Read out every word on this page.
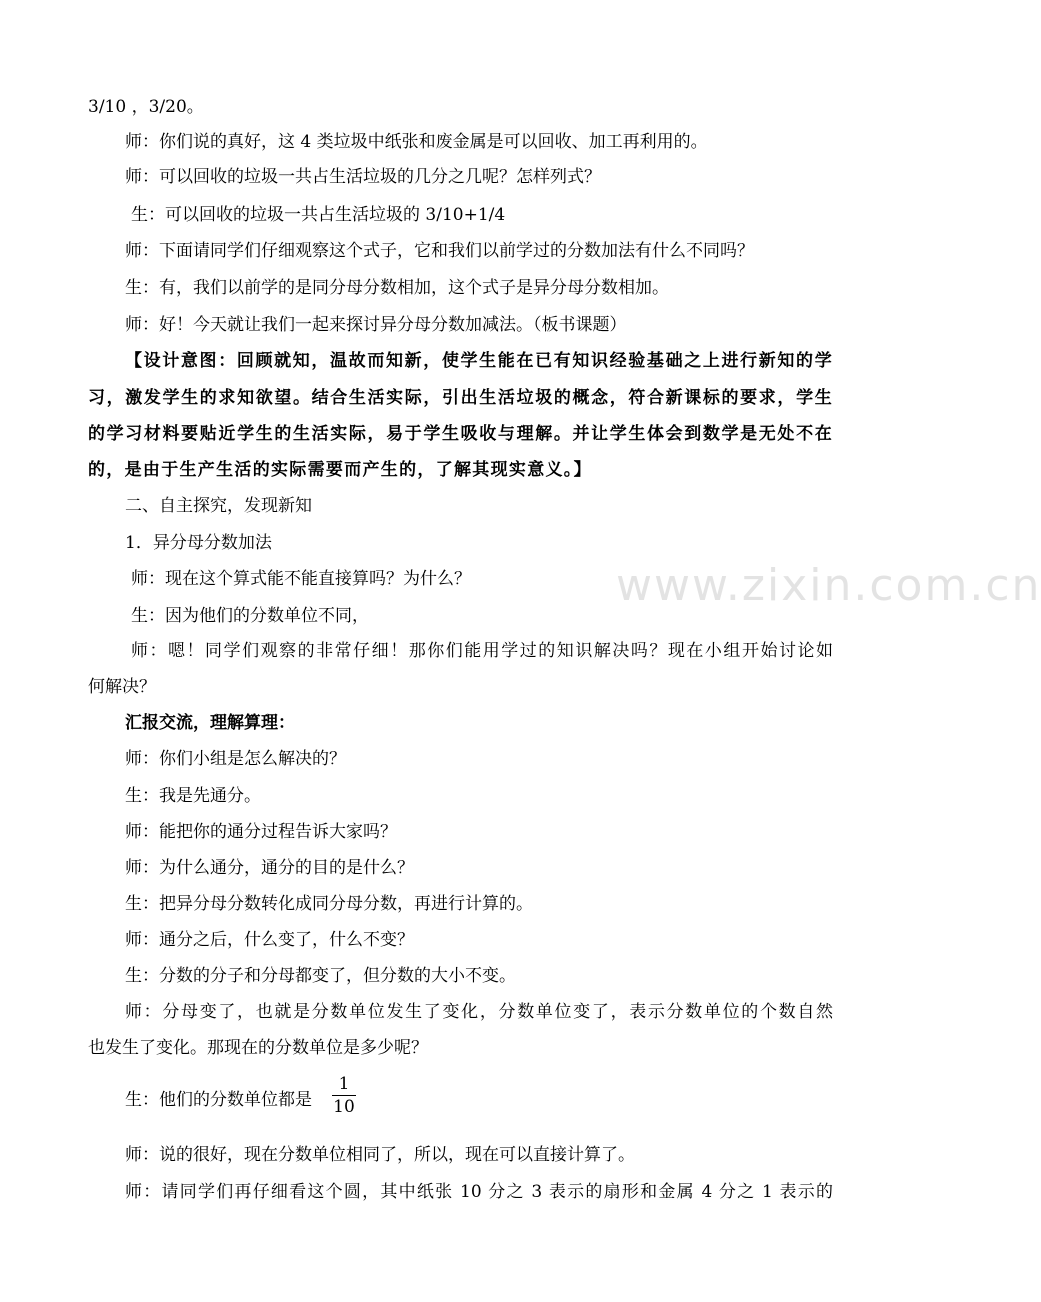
www.zixin.com.cn
3/10 ，3/20。
师：你们说的真好，这 4 类垃圾中纸张和废金属是可以回收、加工再利用的。
师：可以回收的垃圾一共占生活垃圾的几分之几呢？怎样列式？
生：可以回收的垃圾一共占生活垃圾的 3/10+1/4
师：下面请同学们仔细观察这个式子，它和我们以前学过的分数加法有什么不同吗？
生：有，我们以前学的是同分母分数相加，这个式子是异分母分数相加。
师：好！今天就让我们一起来探讨异分母分数加减法。（板书课题）
【设计意图：回顾就知，温故而知新，使学生能在已有知识经验基础之上进行新知的学
习，激发学生的求知欲望。结合生活实际，引出生活垃圾的概念，符合新课标的要求，学生
的学习材料要贴近学生的生活实际，易于学生吸收与理解。并让学生体会到数学是无处不在
的，是由于生产生活的实际需要而产生的，了解其现实意义。】
二、自主探究，发现新知
1．异分母分数加法
师：现在这个算式能不能直接算吗？为什么？
生：因为他们的分数单位不同，
师：嗯！同学们观察的非常仔细！那你们能用学过的知识解决吗？现在小组开始讨论如
何解决？
汇报交流，理解算理：
师：你们小组是怎么解决的？
生：我是先通分。
师：能把你的通分过程告诉大家吗？
师：为什么通分，通分的目的是什么？
生：把异分母分数转化成同分母分数，再进行计算的。
师：通分之后，什么变了，什么不变？
生：分数的分子和分母都变了，但分数的大小不变。
师：分母变了，也就是分数单位发生了变化，分数单位变了，表示分数单位的个数自然
也发生了变化。那现在的分数单位是多少呢？
生：他们的分数单位都是
1
10
师：说的很好，现在分数单位相同了，所以，现在可以直接计算了。
师：请同学们再仔细看这个圆，其中纸张 10 分之 3 表示的扇形和金属 4 分之 1 表示的
